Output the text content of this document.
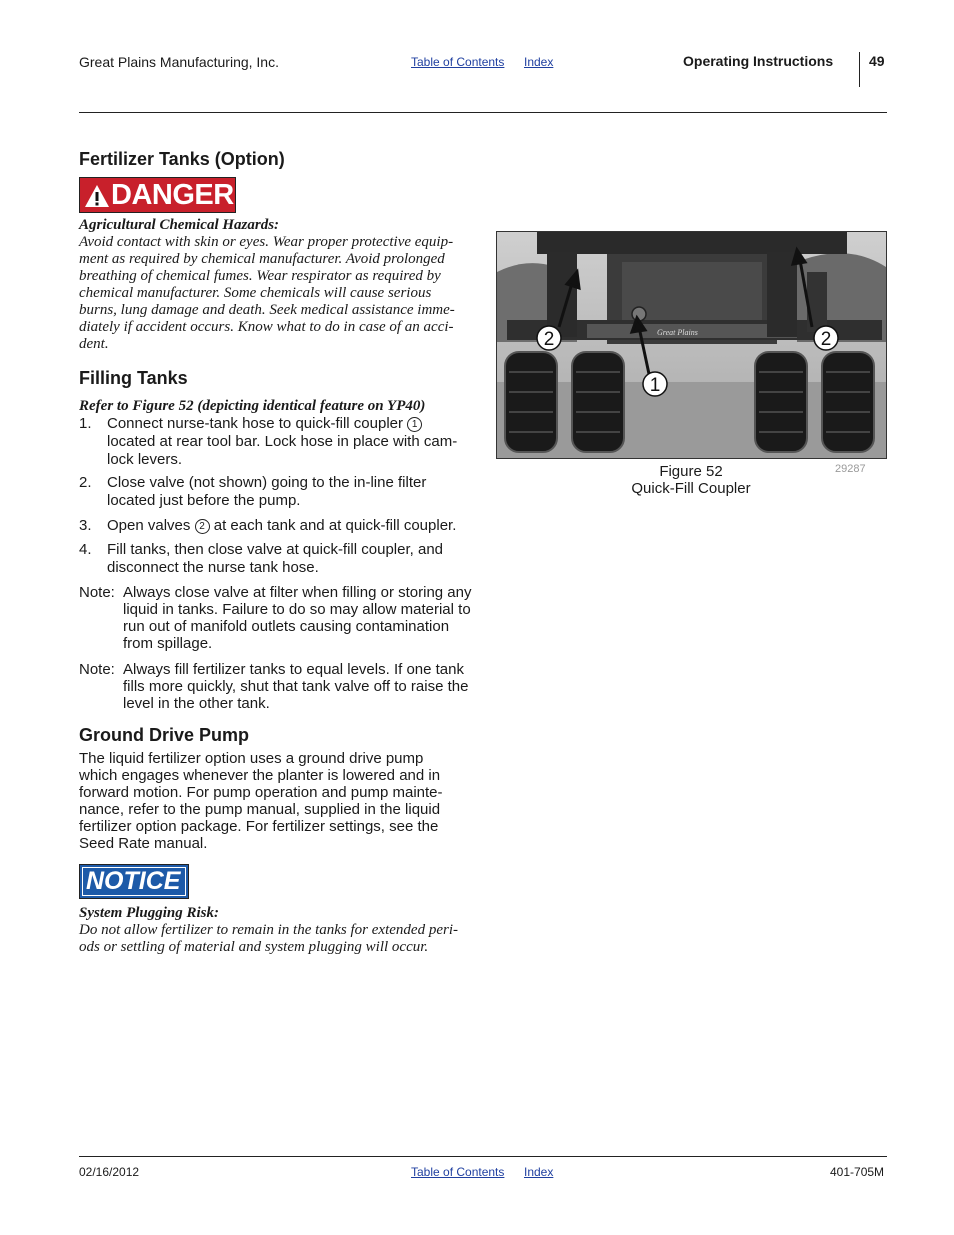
Great Plains Manufacturing, Inc.	Table of Contents Index	Operating Instructions	49
Fertilizer Tanks (Option)
DANGER
Agricultural Chemical Hazards:
Avoid contact with skin or eyes. Wear proper protective equip-
ment as required by chemical manufacturer. Avoid prolonged
breathing of chemical fumes. Wear respirator as required by
chemical manufacturer. Some chemicals will cause serious
burns, lung damage and death. Seek medical assistance imme-
diately if accident occurs. Know what to do in case of an acci-
dent.
Filling Tanks
Refer to Figure 52 (depicting identical feature on YP40)
1. Connect nurse-tank hose to quick-fill coupler 1 located at rear tool bar. Lock hose in place with cam-lock levers.
2. Close valve (not shown) going to the in-line filter located just before the pump.
3. Open valves 2 at each tank and at quick-fill coupler.
4. Fill tanks, then close valve at quick-fill coupler, and disconnect the nurse tank hose.
Note: Always close valve at filter when filling or storing any liquid in tanks. Failure to do so may allow material to run out of manifold outlets causing contamination from spillage.
Note: Always fill fertilizer tanks to equal levels. If one tank fills more quickly, shut that tank valve off to raise the level in the other tank.
Ground Drive Pump
The liquid fertilizer option uses a ground drive pump
which engages whenever the planter is lowered and in
forward motion. For pump operation and pump mainte-
nance, refer to the pump manual, supplied in the liquid
fertilizer option package. For fertilizer settings, see the
Seed Rate manual.
NOTICE
System Plugging Risk:
Do not allow fertilizer to remain in the tanks for extended peri-
ods or settling of material and system plugging will occur.
Great Plains
2	2
1
Figure 52
Quick-Fill Coupler
29287
02/16/2012	Table of Contents Index	401-705M
